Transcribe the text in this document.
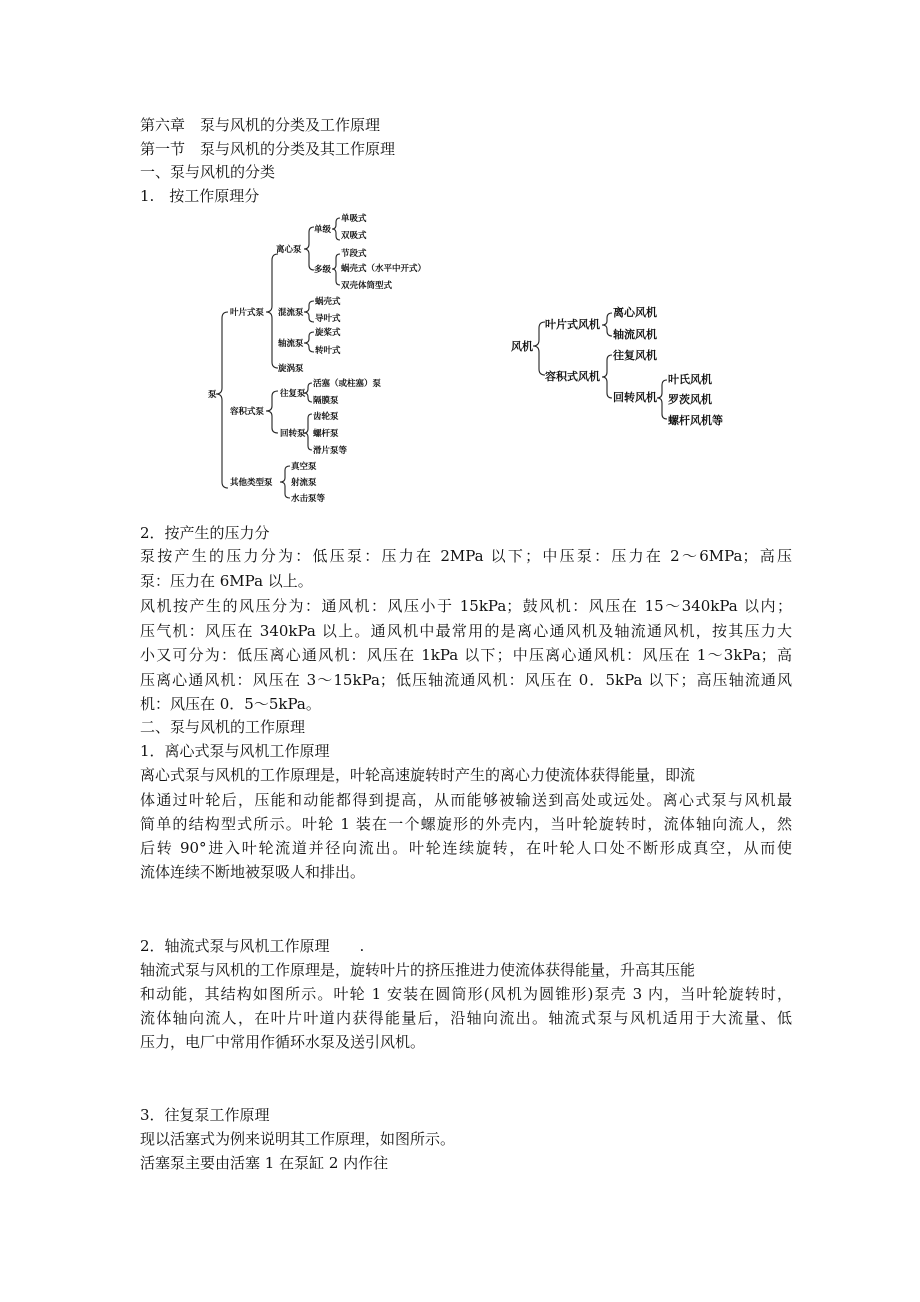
第六章　泵与风机的分类及工作原理

第一节　泵与风机的分类及其工作原理

一、泵与风机的分类

1.　按工作原理分

泵
叶片式泵
离心泵
单级
单吸式
双吸式
多级
节段式
蜗壳式（水平中开式）
双壳体筒型式
混流泵
蜗壳式
导叶式
轴流泵
旋桨式
转叶式
旋涡泵
容积式泵
往复泵
活塞（或柱塞）泵
隔膜泵
回转泵
齿轮泵
螺杆泵
滑片泵等
其他类型泵
真空泵
射流泵
水击泵等
风机
叶片式风机
离心风机
轴流风机
容积式风机
往复风机
回转风机
叶氏风机
罗茨风机
螺杆风机等

2．按产生的压力分

泵按产生的压力分为：低压泵：压力在 2MPa 以下；中压泵：压力在 2～6MPa；高压

泵：压力在 6MPa 以上。

风机按产生的风压分为：通风机：风压小于 15kPa；鼓风机：风压在 15～340kPa 以内；

压气机：风压在 340kPa 以上。通风机中最常用的是离心通风机及轴流通风机，按其压力大

小又可分为：低压离心通风机：风压在 1kPa 以下；中压离心通风机：风压在 1～3kPa；高

压离心通风机：风压在 3～15kPa；低压轴流通风机：风压在 0．5kPa 以下；高压轴流通风

机：风压在 0．5～5kPa。

二、泵与风机的工作原理

1．离心式泵与风机工作原理

离心式泵与风机的工作原理是，叶轮高速旋转时产生的离心力使流体获得能量，即流

体通过叶轮后，压能和动能都得到提高，从而能够被输送到高处或远处。离心式泵与风机最

简单的结构型式所示。叶轮 1 装在一个螺旋形的外壳内，当叶轮旋转时，流体轴向流人，然

后转 90°进入叶轮流道并径向流出。叶轮连续旋转，在叶轮人口处不断形成真空，从而使

流体连续不断地被泵吸人和排出。

2．轴流式泵与风机工作原理　　.

轴流式泵与风机的工作原理是，旋转叶片的挤压推进力使流体获得能量，升高其压能

和动能，其结构如图所示。叶轮 1 安装在圆筒形(风机为圆锥形)泵壳 3 内，当叶轮旋转时，

流体轴向流人，在叶片叶道内获得能量后，沿轴向流出。轴流式泵与风机适用于大流量、低

压力，电厂中常用作循环水泵及送引风机。

3．往复泵工作原理

现以活塞式为例来说明其工作原理，如图所示。

活塞泵主要由活塞 1 在泵缸 2 内作往
